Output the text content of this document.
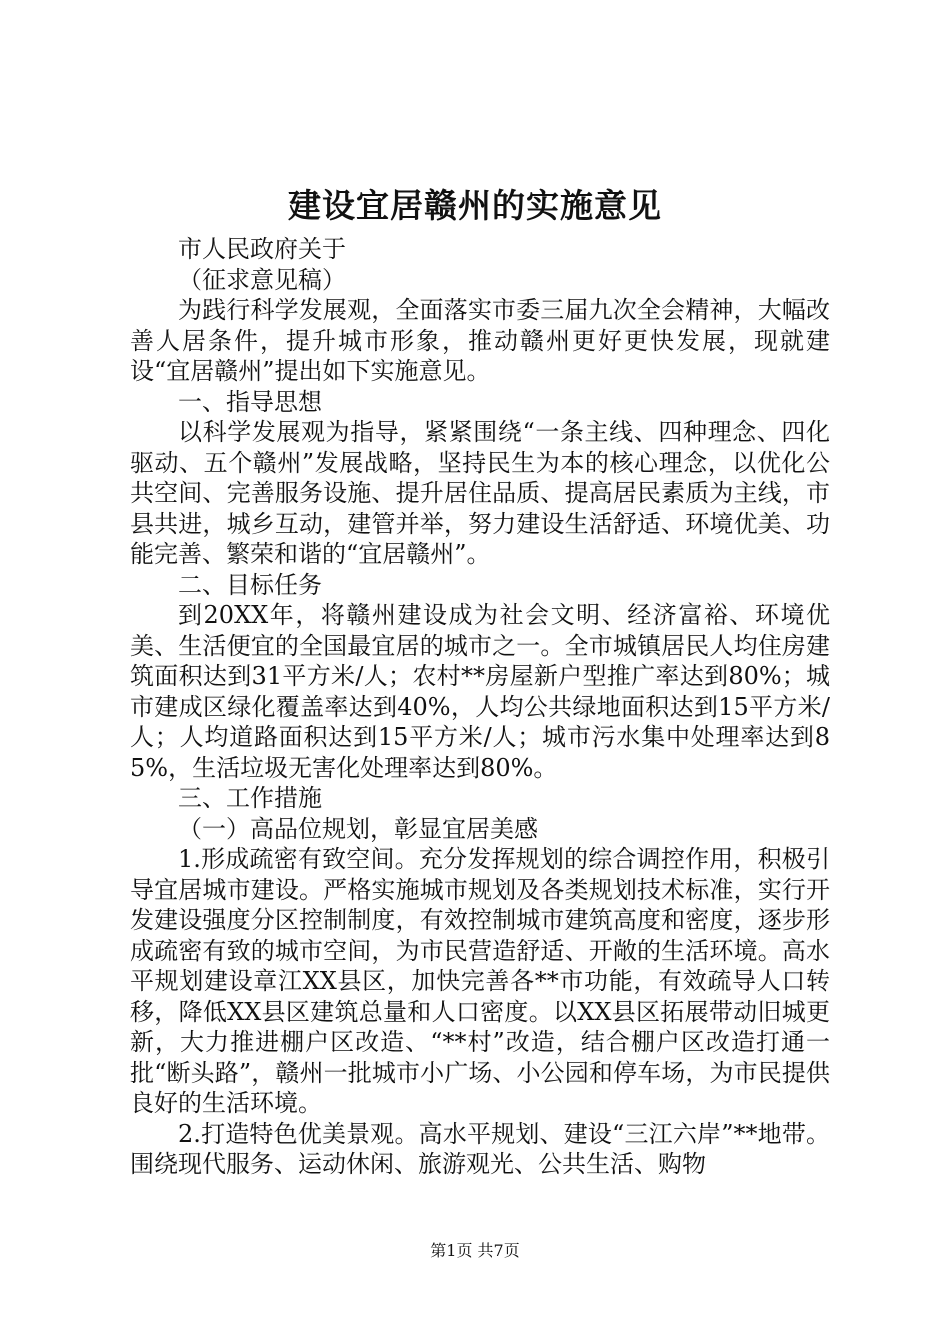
建设宜居赣州的实施意见

市人民政府关于

（征求意见稿）

为践行科学发展观，全面落实市委三届九次全会精神，大幅改善人居条件，提升城市形象，推动赣州更好更快发展，现就建设“宜居赣州”提出如下实施意见。

一、指导思想

以科学发展观为指导，紧紧围绕“一条主线、四种理念、四化驱动、五个赣州”发展战略，坚持民生为本的核心理念，以优化公共空间、完善服务设施、提升居住品质、提高居民素质为主线，市县共进，城乡互动，建管并举，努力建设生活舒适、环境优美、功能完善、繁荣和谐的“宜居赣州”。

二、目标任务

到20XX年，将赣州建设成为社会文明、经济富裕、环境优美、生活便宜的全国最宜居的城市之一。全市城镇居民人均住房建筑面积达到31平方米/人；农村**房屋新户型推广率达到80%；城市建成区绿化覆盖率达到40%，人均公共绿地面积达到15平方米/人；人均道路面积达到15平方米/人；城市污水集中处理率达到85%，生活垃圾无害化处理率达到80%。

三、工作措施

（一）高品位规划，彰显宜居美感

1.形成疏密有致空间。充分发挥规划的综合调控作用，积极引导宜居城市建设。严格实施城市规划及各类规划技术标准，实行开发建设强度分区控制制度，有效控制城市建筑高度和密度，逐步形成疏密有致的城市空间，为市民营造舒适、开敞的生活环境。高水平规划建设章江XX县区，加快完善各**市功能，有效疏导人口转移，降低XX县区建筑总量和人口密度。以XX县区拓展带动旧城更新，大力推进棚户区改造、“**村”改造，结合棚户区改造打通一批“断头路”，赣州一批城市小广场、小公园和停车场，为市民提供良好的生活环境。

2.打造特色优美景观。高水平规划、建设“三江六岸”**地带。围绕现代服务、运动休闲、旅游观光、公共生活、购物

第1页 共7页
